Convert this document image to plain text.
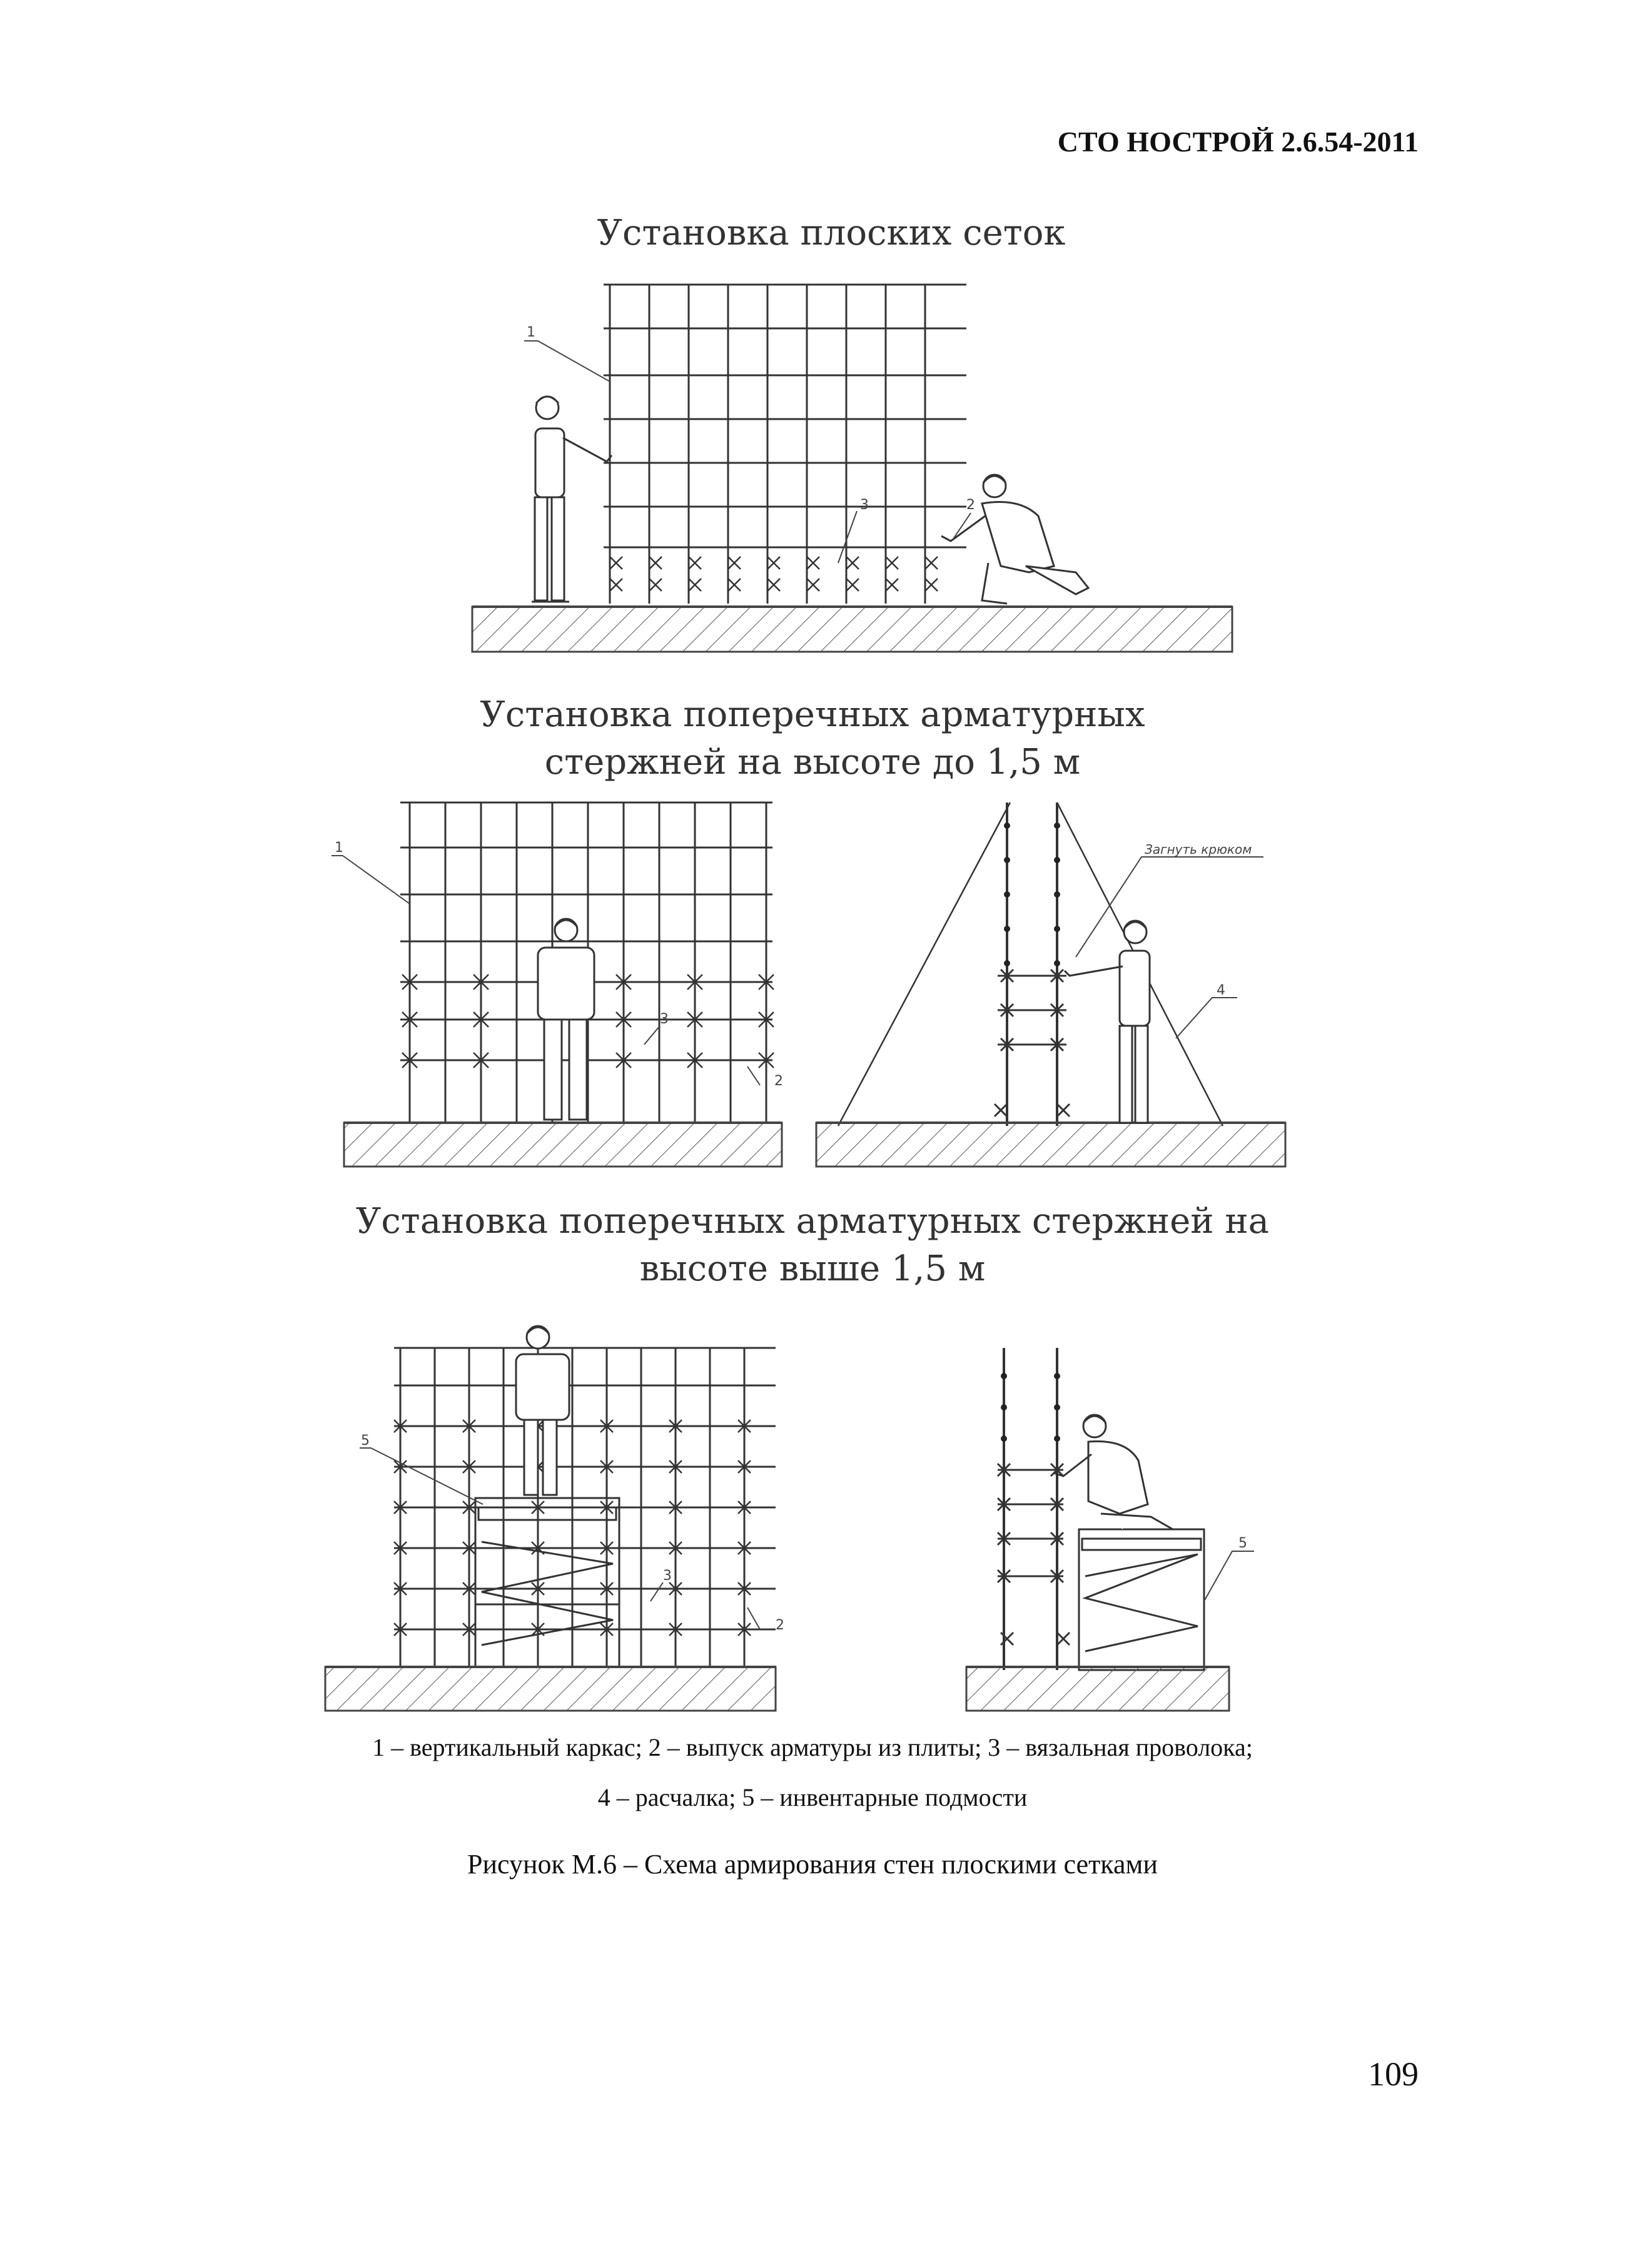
СТО НОСТРОЙ 2.6.54-2011
Установка плоских сеток
Установка поперечных арматурных
стержней на высоте до 1,5 м
Установка поперечных арматурных стержней на
высоте выше 1,5 м
1
3	2
1
3
2
Загнуть крюком
4
5
3
2
5
1 – вертикальный каркас; 2 – выпуск арматуры из плиты; 3 – вязальная проволока;
4 – расчалка; 5 – инвентарные подмости
Рисунок М.6 – Схема армирования стен плоскими сетками
109
